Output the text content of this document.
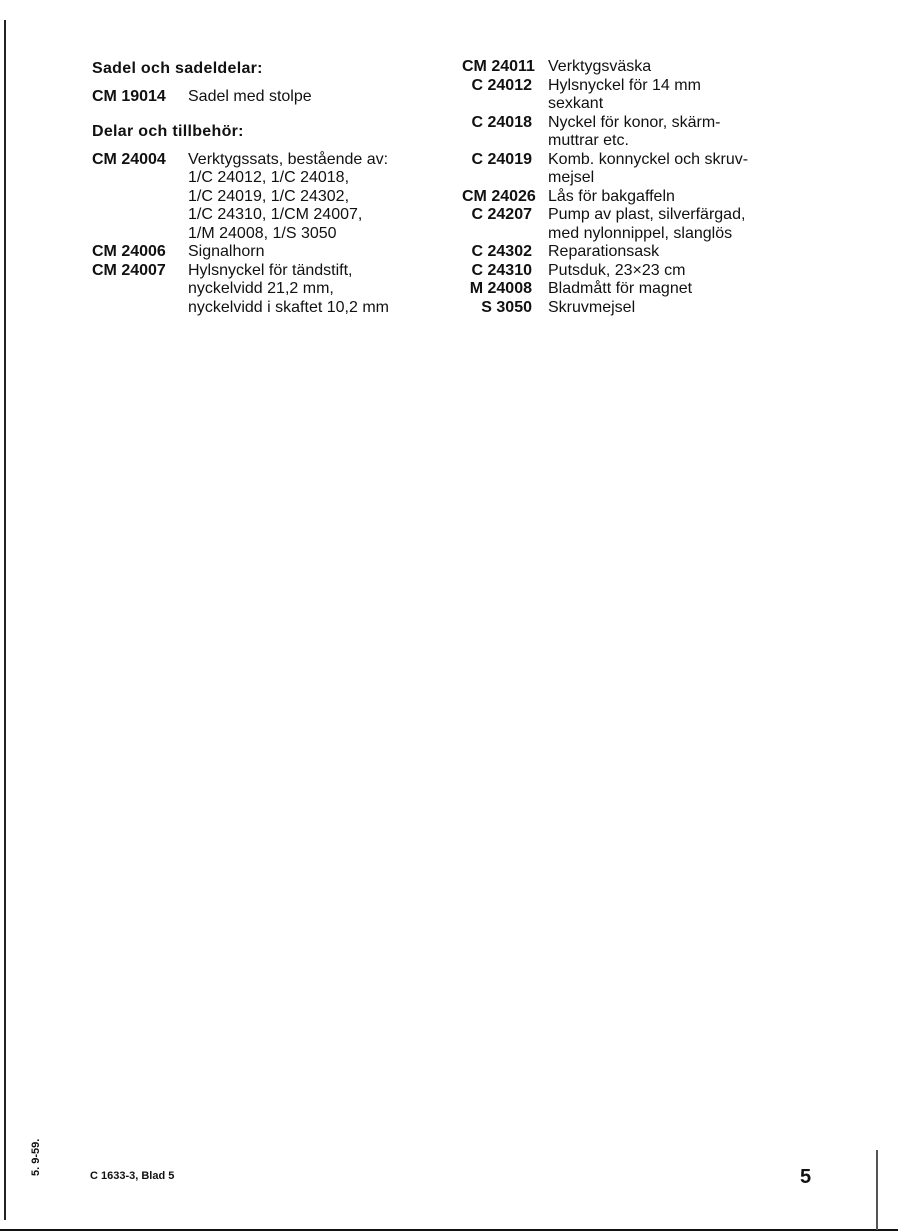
Sadel och sadeldelar:
CM 19014	Sadel med stolpe
Delar och tillbehör:
CM 24004	Verktygssats, bestående av:
1/C 24012, 1/C 24018,
1/C 24019, 1/C 24302,
1/C 24310, 1/CM 24007,
1/M 24008, 1/S 3050
CM 24006	Signalhorn
CM 24007	Hylsnyckel för tändstift,
nyckelvidd 21,2 mm,
nyckelvidd i skaftet 10,2 mm
CM 24011 Verktygsväska
C 24012	Hylsnyckel för 14 mm
sexkant
C 24018	Nyckel för konor, skärm-
muttrar etc.
C 24019	Komb. konnyckel och skruv-
mejsel
CM 24026 Lås för bakgaffeln
C 24207	Pump av plast, silverfärgad,
med nylonnippel, slanglös
C 24302	Reparationsask
C 24310	Putsduk, 23×23 cm
M 24008	Bladmått för magnet
S 3050	Skruvmejsel
5. 9-59.	C 1633-3, Blad 5	5
